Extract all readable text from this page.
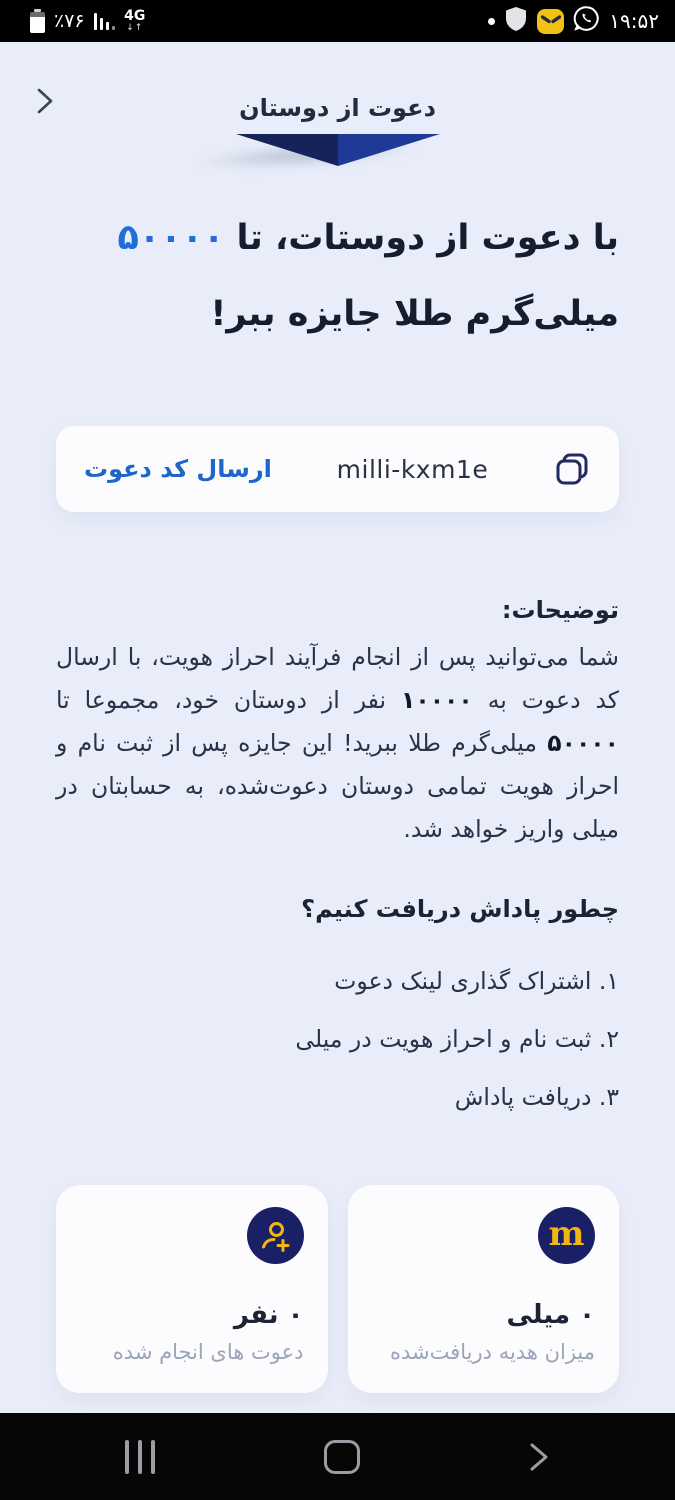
٪۷۶	4G
↓↑	۱۹:۵۲
دعوت از دوستان
با دعوت از دوستات، تا ۵۰۰۰۰
میلی‌گرم طلا جایزه ببر!
milli-kxm1e
ارسال کد دعوت
توضیحات:

شما می‌توانید پس از انجام فرآیند احراز هویت، با ارسال کد دعوت به ۱۰۰۰۰ نفر از دوستان خود، مجموعا تا ۵۰۰۰۰ میلی‌گرم طلا ببرید! این جایزه پس از ثبت نام و احراز هویت تمامی دوستان دعوت‌شده، به حسابتان در میلی واریز خواهد شد.

چطور پاداش دریافت کنیم؟
۱. اشتراک گذاری لینک دعوت
۲. ثبت نام و احراز هویت در میلی
۳. دریافت پاداش
m
۰ میلی
میزان هدیه دریافت‌شده
۰ نفر
دعوت های انجام شده
